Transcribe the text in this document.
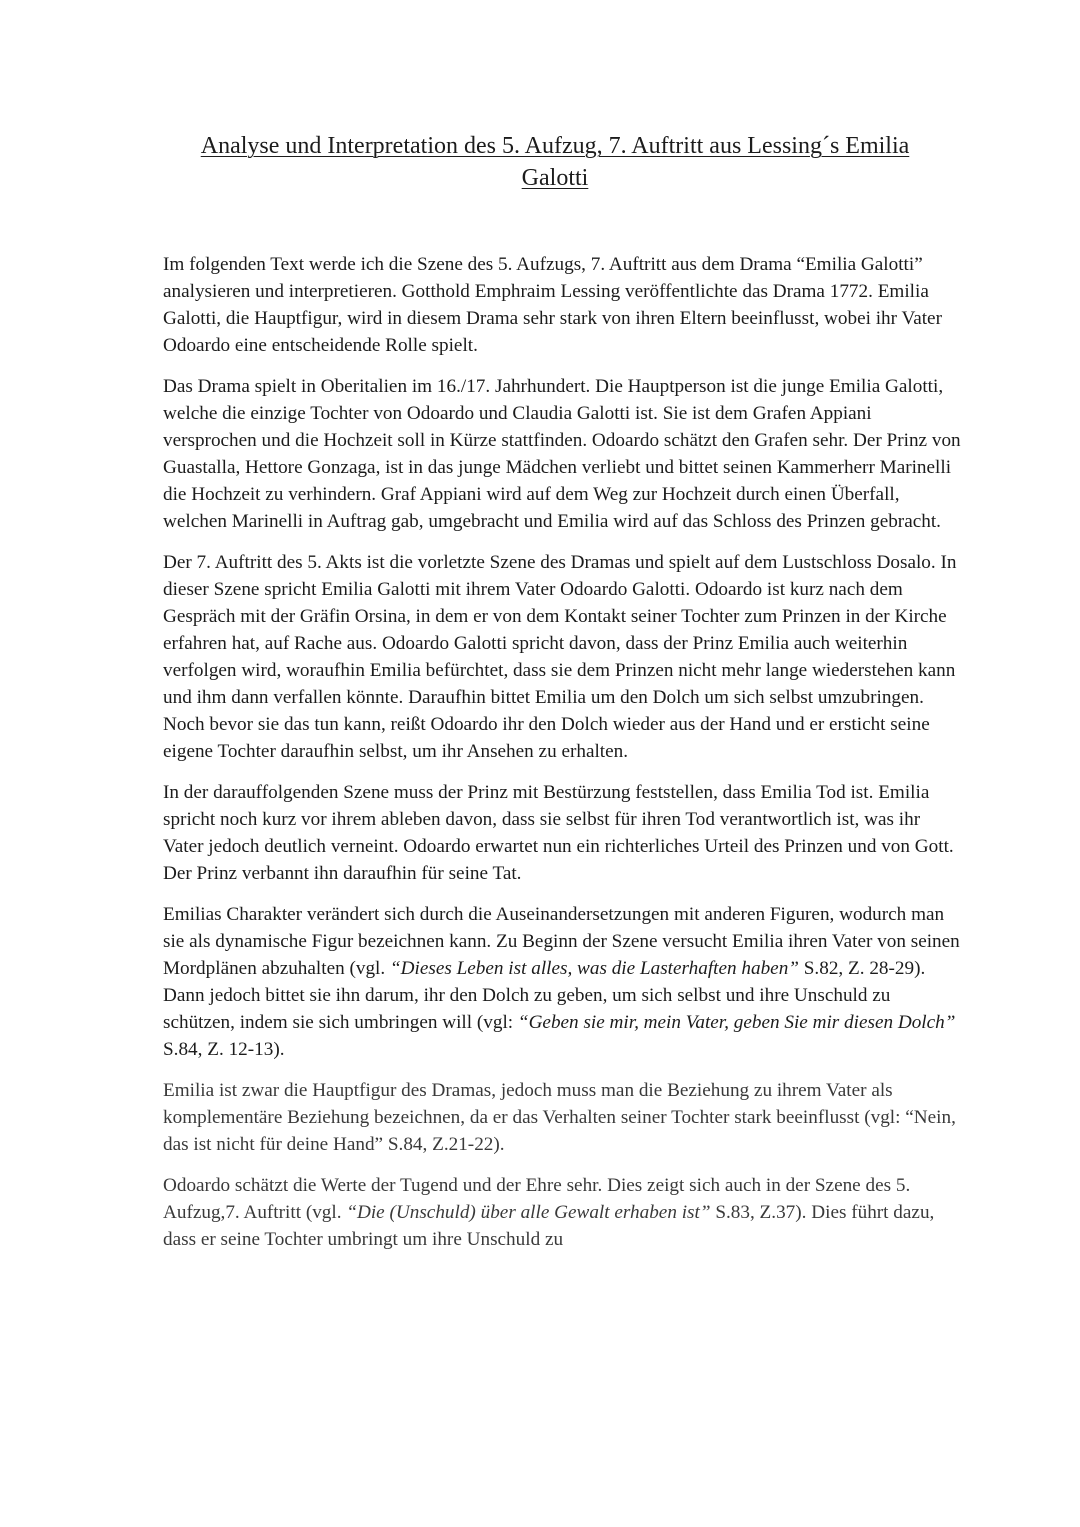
Analyse und Interpretation des 5. Aufzug, 7. Auftritt aus Lessing´s Emilia
Galotti

Im folgenden Text werde ich die Szene des 5. Aufzugs, 7. Auftritt aus dem Drama “Emilia Galotti” analysieren und interpretieren. Gotthold Emphraim Lessing veröffentlichte das Drama 1772. Emilia Galotti, die Hauptfigur, wird in diesem Drama sehr stark von ihren Eltern beeinflusst, wobei ihr Vater Odoardo eine entscheidende Rolle spielt.

Das Drama spielt in Oberitalien im 16./17. Jahrhundert. Die Hauptperson ist die junge Emilia Galotti, welche die einzige Tochter von Odoardo und Claudia Galotti ist. Sie ist dem Grafen Appiani versprochen und die Hochzeit soll in Kürze stattfinden. Odoardo schätzt den Grafen sehr. Der Prinz von Guastalla, Hettore Gonzaga, ist in das junge Mädchen verliebt und bittet seinen Kammerherr Marinelli die Hochzeit zu verhindern. Graf Appiani wird auf dem Weg zur Hochzeit durch einen Überfall, welchen Marinelli in Auftrag gab, umgebracht und Emilia wird auf das Schloss des Prinzen gebracht.

Der 7. Auftritt des 5. Akts ist die vorletzte Szene des Dramas und spielt auf dem Lustschloss Dosalo. In dieser Szene spricht Emilia Galotti mit ihrem Vater Odoardo Galotti. Odoardo ist kurz nach dem Gespräch mit der Gräfin Orsina, in dem er von dem Kontakt seiner Tochter zum Prinzen in der Kirche erfahren hat, auf Rache aus. Odoardo Galotti spricht davon, dass der Prinz Emilia auch weiterhin verfolgen wird, woraufhin Emilia befürchtet, dass sie dem Prinzen nicht mehr lange wiederstehen kann und ihm dann verfallen könnte. Daraufhin bittet Emilia um den Dolch um sich selbst umzubringen. Noch bevor sie das tun kann, reißt Odoardo ihr den Dolch wieder aus der Hand und er ersticht seine eigene Tochter daraufhin selbst, um ihr Ansehen zu erhalten.

In der darauffolgenden Szene muss der Prinz mit Bestürzung feststellen, dass Emilia Tod ist. Emilia spricht noch kurz vor ihrem ableben davon, dass sie selbst für ihren Tod verantwortlich ist, was ihr Vater jedoch deutlich verneint. Odoardo erwartet nun ein richterliches Urteil des Prinzen und von Gott. Der Prinz verbannt ihn daraufhin für seine Tat.

Emilias Charakter verändert sich durch die Auseinandersetzungen mit anderen Figuren, wodurch man sie als dynamische Figur bezeichnen kann. Zu Beginn der Szene versucht Emilia ihren Vater von seinen Mordplänen abzuhalten (vgl. “Dieses Leben ist alles, was die Lasterhaften haben” S.82, Z. 28-29). Dann jedoch bittet sie ihn darum, ihr den Dolch zu geben, um sich selbst und ihre Unschuld zu schützen, indem sie sich umbringen will (vgl: “Geben sie mir, mein Vater, geben Sie mir diesen Dolch” S.84, Z. 12-13).

Emilia ist zwar die Hauptfigur des Dramas, jedoch muss man die Beziehung zu ihrem Vater als komplementäre Beziehung bezeichnen, da er das Verhalten seiner Tochter stark beeinflusst (vgl: “Nein, das ist nicht für deine Hand” S.84, Z.21-22).

Odoardo schätzt die Werte der Tugend und der Ehre sehr. Dies zeigt sich auch in der Szene des 5. Aufzug,7. Auftritt (vgl. “Die (Unschuld) über alle Gewalt erhaben ist” S.83, Z.37). Dies führt dazu, dass er seine Tochter umbringt um ihre Unschuld zu
